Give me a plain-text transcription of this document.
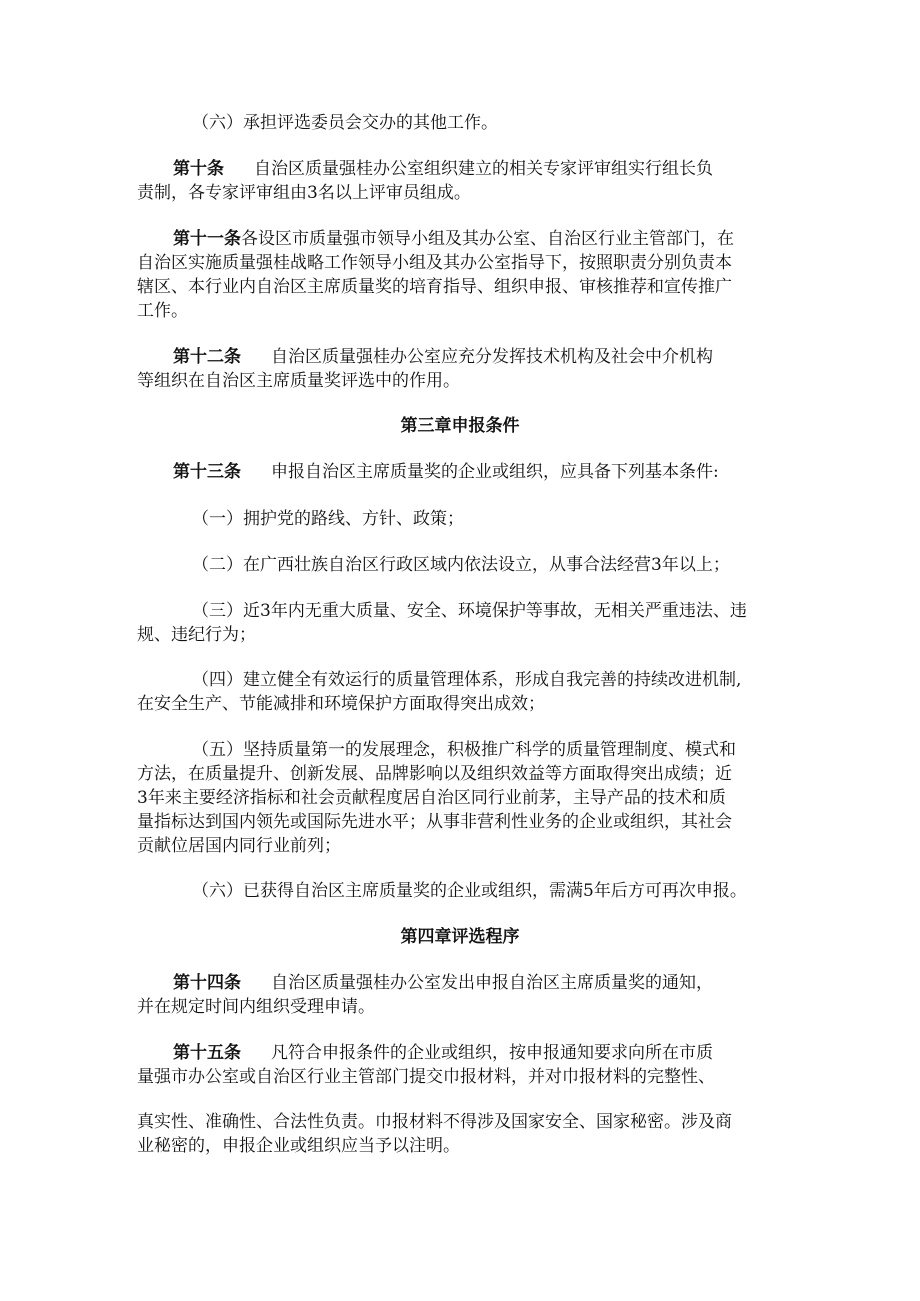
（六）承担评选委员会交办的其他工作。
第十条 自治区质量强桂办公室组织建立的相关专家评审组实行组长负
责制，各专家评审组由3名以上评审员组成。
第十一条各设区市质量强市领导小组及其办公室、自治区行业主管部门，在
自治区实施质量强桂战略工作领导小组及其办公室指导下，按照职责分别负责本
辖区、本行业内自治区主席质量奖的培育指导、组织申报、审核推荐和宣传推广
工作。
第十二条 自治区质量强桂办公室应充分发挥技术机构及社会中介机构
等组织在自治区主席质量奖评选中的作用。
第三章申报条件
第十三条 申报自治区主席质量奖的企业或组织，应具备下列基本条件:
（一）拥护党的路线、方针、政策；
（二）在广西壮族自治区行政区域内依法设立，从事合法经营3年以上；
（三）近3年内无重大质量、安全、环境保护等事故，无相关严重违法、违
规、违纪行为；
（四）建立健全有效运行的质量管理体系，形成自我完善的持续改进机制,
在安全生产、节能减排和环境保护方面取得突出成效；
（五）坚持质量第一的发展理念，积极推广科学的质量管理制度、模式和
方法，在质量提升、创新发展、品牌影响以及组织效益等方面取得突出成绩；近
3年来主要经济指标和社会贡献程度居自治区同行业前茅，主导产品的技术和质
量指标达到国内领先或国际先进水平；从事非营利性业务的企业或组织，其社会
贡献位居国内同行业前列；
（六）已获得自治区主席质量奖的企业或组织，需满5年后方可再次申报。
第四章评选程序
第十四条 自治区质量强桂办公室发出申报自治区主席质量奖的通知，
并在规定时间内组织受理申请。
第十五条 凡符合申报条件的企业或组织，按申报通知要求向所在市质
量强市办公室或自治区行业主管部门提交巾报材料，并对巾报材料的完整性、
真实性、准确性、合法性负责。巾报材料不得涉及国家安全、国家秘密。涉及商
业秘密的，申报企业或组织应当予以注明。
